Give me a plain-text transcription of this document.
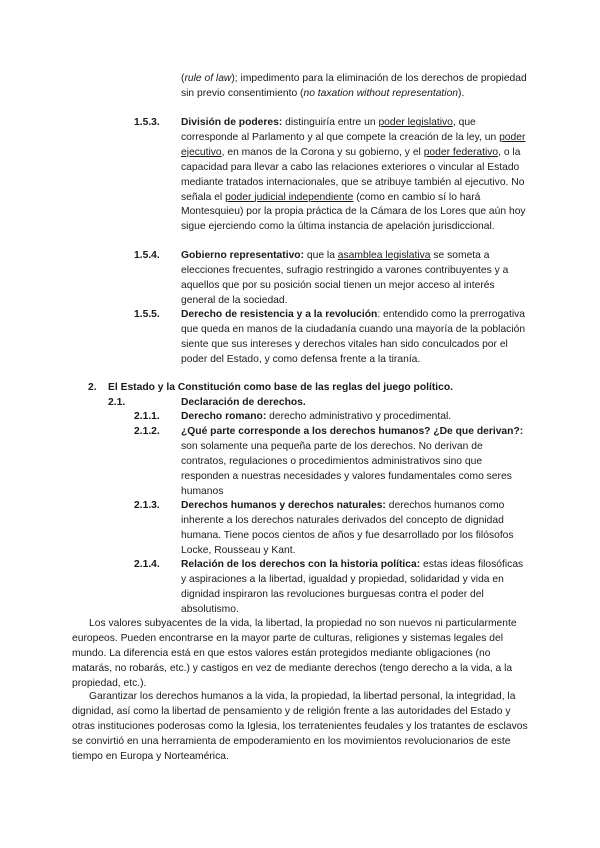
(rule of law); impedimento para la eliminación de los derechos de propiedad sin previo consentimiento (no taxation without representation).

1.5.3. División de poderes: distinguiría entre un poder legislativo, que corresponde al Parlamento y al que compete la creación de la ley, un poder ejecutivo, en manos de la Corona y su gobierno, y el poder federativo, o la capacidad para llevar a cabo las relaciones exteriores o vincular al Estado mediante tratados internacionales, que se atribuye también al ejecutivo. No señala el poder judicial independiente (como en cambio sí lo hará Montesquieu) por la propia práctica de la Cámara de los Lores que aún hoy sigue ejerciendo como la última instancia de apelación jurisdiccional.

1.5.4. Gobierno representativo: que la asamblea legislativa se someta a elecciones frecuentes, sufragio restringido a varones contribuyentes y a aquellos que por su posición social tienen un mejor acceso al interés general de la sociedad.

1.5.5. Derecho de resistencia y a la revolución: entendido como la prerrogativa que queda en manos de la ciudadanía cuando una mayoría de la población siente que sus intereses y derechos vitales han sido conculcados por el poder del Estado, y como defensa frente a la tiranía.

2. El Estado y la Constitución como base de las reglas del juego político.

2.1.	Declaración de derechos.

2.1.1. Derecho romano: derecho administrativo y procedimental.

2.1.2. ¿Qué parte corresponde a los derechos humanos? ¿De que derivan?: son solamente una pequeña parte de los derechos. No derivan de contratos, regulaciones o procedimientos administrativos sino que responden a nuestras necesidades y valores fundamentales como seres humanos

2.1.3. Derechos humanos y derechos naturales: derechos humanos como inherente a los derechos naturales derivados del concepto de dignidad humana. Tiene pocos cientos de años y fue desarrollado por los filósofos Locke, Rousseau y Kant.

2.1.4. Relación de los derechos con la historia política: estas ideas filosóficas y aspiraciones a la libertad, igualdad y propiedad, solidaridad y vida en dignidad inspiraron las revoluciones burguesas contra el poder del absolutismo.

Los valores subyacentes de la vida, la libertad, la propiedad no son nuevos ni particularmente europeos. Pueden encontrarse en la mayor parte de culturas, religiones y sistemas legales del mundo. La diferencia está en que estos valores están protegidos mediante obligaciones (no matarás, no robarás, etc.) y castigos en vez de mediante derechos (tengo derecho a la vida, a la propiedad, etc.).

Garantizar los derechos humanos a la vida, la propiedad, la libertad personal, la integridad, la dignidad, así como la libertad de pensamiento y de religión frente a las autoridades del Estado y otras instituciones poderosas como la Iglesia, los terratenientes feudales y los tratantes de esclavos se convirtió en una herramienta de empoderamiento en los movimientos revolucionarios de este tiempo en Europa y Norteamérica.
